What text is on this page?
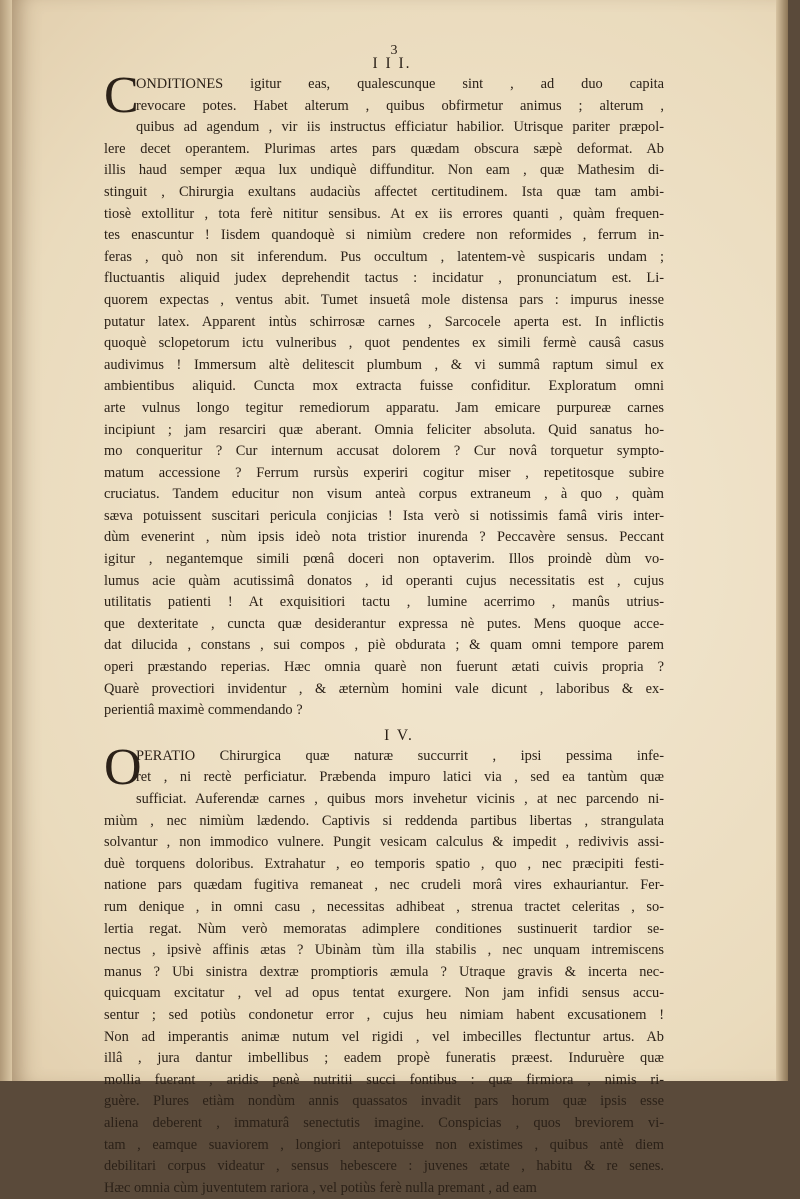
3
I I I.
C
ONDITIONES igitur eas, qualescunque sint , ad duo capita
revocare potes. Habet alterum , quibus obfirmetur animus ; alterum ,
quibus ad agendum , vir iis instructus efficiatur habilior. Utrisque pariter præpol-
lere decet operantem. Plurimas artes pars quædam obscura sæpè deformat. Ab
illis haud semper æqua lux undiquè diffunditur. Non eam , quæ Mathesim di-
stinguit , Chirurgia exultans audaciùs affectet certitudinem. Ista quæ tam ambi-
tiosè extollitur , tota ferè nititur sensibus. At ex iis errores quanti , quàm frequen-
tes enascuntur ! Iisdem quandoquè si nimiùm credere non reformides , ferrum in-
feras , quò non sit inferendum. Pus occultum , latentem-vè suspicaris undam ;
fluctuantis aliquid judex deprehendit tactus : incidatur , pronunciatum est. Li-
quorem expectas , ventus abit. Tumet insuetâ mole distensa pars : impurus inesse
putatur latex. Apparent intùs schirrosæ carnes , Sarcocele aperta est. In inflictis
quoquè sclopetorum ictu vulneribus , quot pendentes ex simili fermè causâ casus
audivimus ! Immersum altè delitescit plumbum , & vi summâ raptum simul ex
ambientibus aliquid. Cuncta mox extracta fuisse confiditur. Exploratum omni
arte vulnus longo tegitur remediorum apparatu. Jam emicare purpureæ carnes
incipiunt ; jam resarciri quæ aberant. Omnia feliciter absoluta. Quid sanatus ho-
mo conqueritur ? Cur internum accusat dolorem ? Cur novâ torquetur sympto-
matum accessione ? Ferrum rursùs experiri cogitur miser , repetitosque subire
cruciatus. Tandem educitur non visum anteà corpus extraneum , à quo , quàm
sæva potuissent suscitari pericula conjicias ! Ista verò si notissimis famâ viris inter-
dùm evenerint , nùm ipsis ideò nota tristior inurenda ? Peccavère sensus. Peccant
igitur , negantemque simili pœnâ doceri non optaverim. Illos proindè dùm vo-
lumus acie quàm acutissimâ donatos , id operanti cujus necessitatis est , cujus
utilitatis patienti ! At exquisitiori tactu , lumine acerrimo , manûs utrius-
que dexteritate , cuncta quæ desiderantur expressa nè putes. Mens quoque acce-
dat dilucida , constans , sui compos , piè obdurata ; & quam omni tempore parem
operi præstando reperias. Hæc omnia quarè non fuerunt ætati cuivis propria ?
Quarè provectiori invidentur , & æternùm homini vale dicunt , laboribus & ex-
perientiâ maximè commendando ?
I V.
O
PERATIO Chirurgica quæ naturæ succurrit , ipsi pessima infe-
ret , ni rectè perficiatur. Præbenda impuro latici via , sed ea tantùm quæ
sufficiat. Auferendæ carnes , quibus mors invehetur vicinis , at nec parcendo ni-
miùm , nec nimiùm lædendo. Captivis si reddenda partibus libertas , strangulata
solvantur , non immodico vulnere. Pungit vesicam calculus & impedit , redivivis assi-
duè torquens doloribus. Extrahatur , eo temporis spatio , quo , nec præcipiti festi-
natione pars quædam fugitiva remaneat , nec crudeli morâ vires exhauriantur. Fer-
rum denique , in omni casu , necessitas adhibeat , strenua tractet celeritas , so-
lertia regat. Nùm verò memoratas adimplere conditiones sustinuerit tardior se-
nectus , ipsivè affinis ætas ? Ubinàm tùm illa stabilis , nec unquam intremiscens
manus ? Ubi sinistra dextræ promptioris æmula ? Utraque gravis & incerta nec-
quicquam excitatur , vel ad opus tentat exurgere. Non jam infidi sensus accu-
sentur ; sed potiùs condonetur error , cujus heu nimiam habent excusationem !
Non ad imperantis animæ nutum vel rigidi , vel imbecilles flectuntur artus. Ab
illâ , jura dantur imbellibus ; eadem propè funeratis præest. Induruère quæ
mollia fuerant , aridis penè nutritii succi fontibus : quæ firmiora , nimis ri-
guère. Plures etiàm nondùm annis quassatos invadit pars horum quæ ipsis esse
aliena deberent , immaturâ senectutis imagine. Conspicias , quos breviorem vi-
tam , eamque suaviorem , longiori antepotuisse non existimes , quibus antè diem
debilitari corpus videatur , sensus hebescere : juvenes ætate , habitu & re senes.
Hæc omnia cùm juventutem rariora , vel potiùs ferè nulla premant , ad eam
